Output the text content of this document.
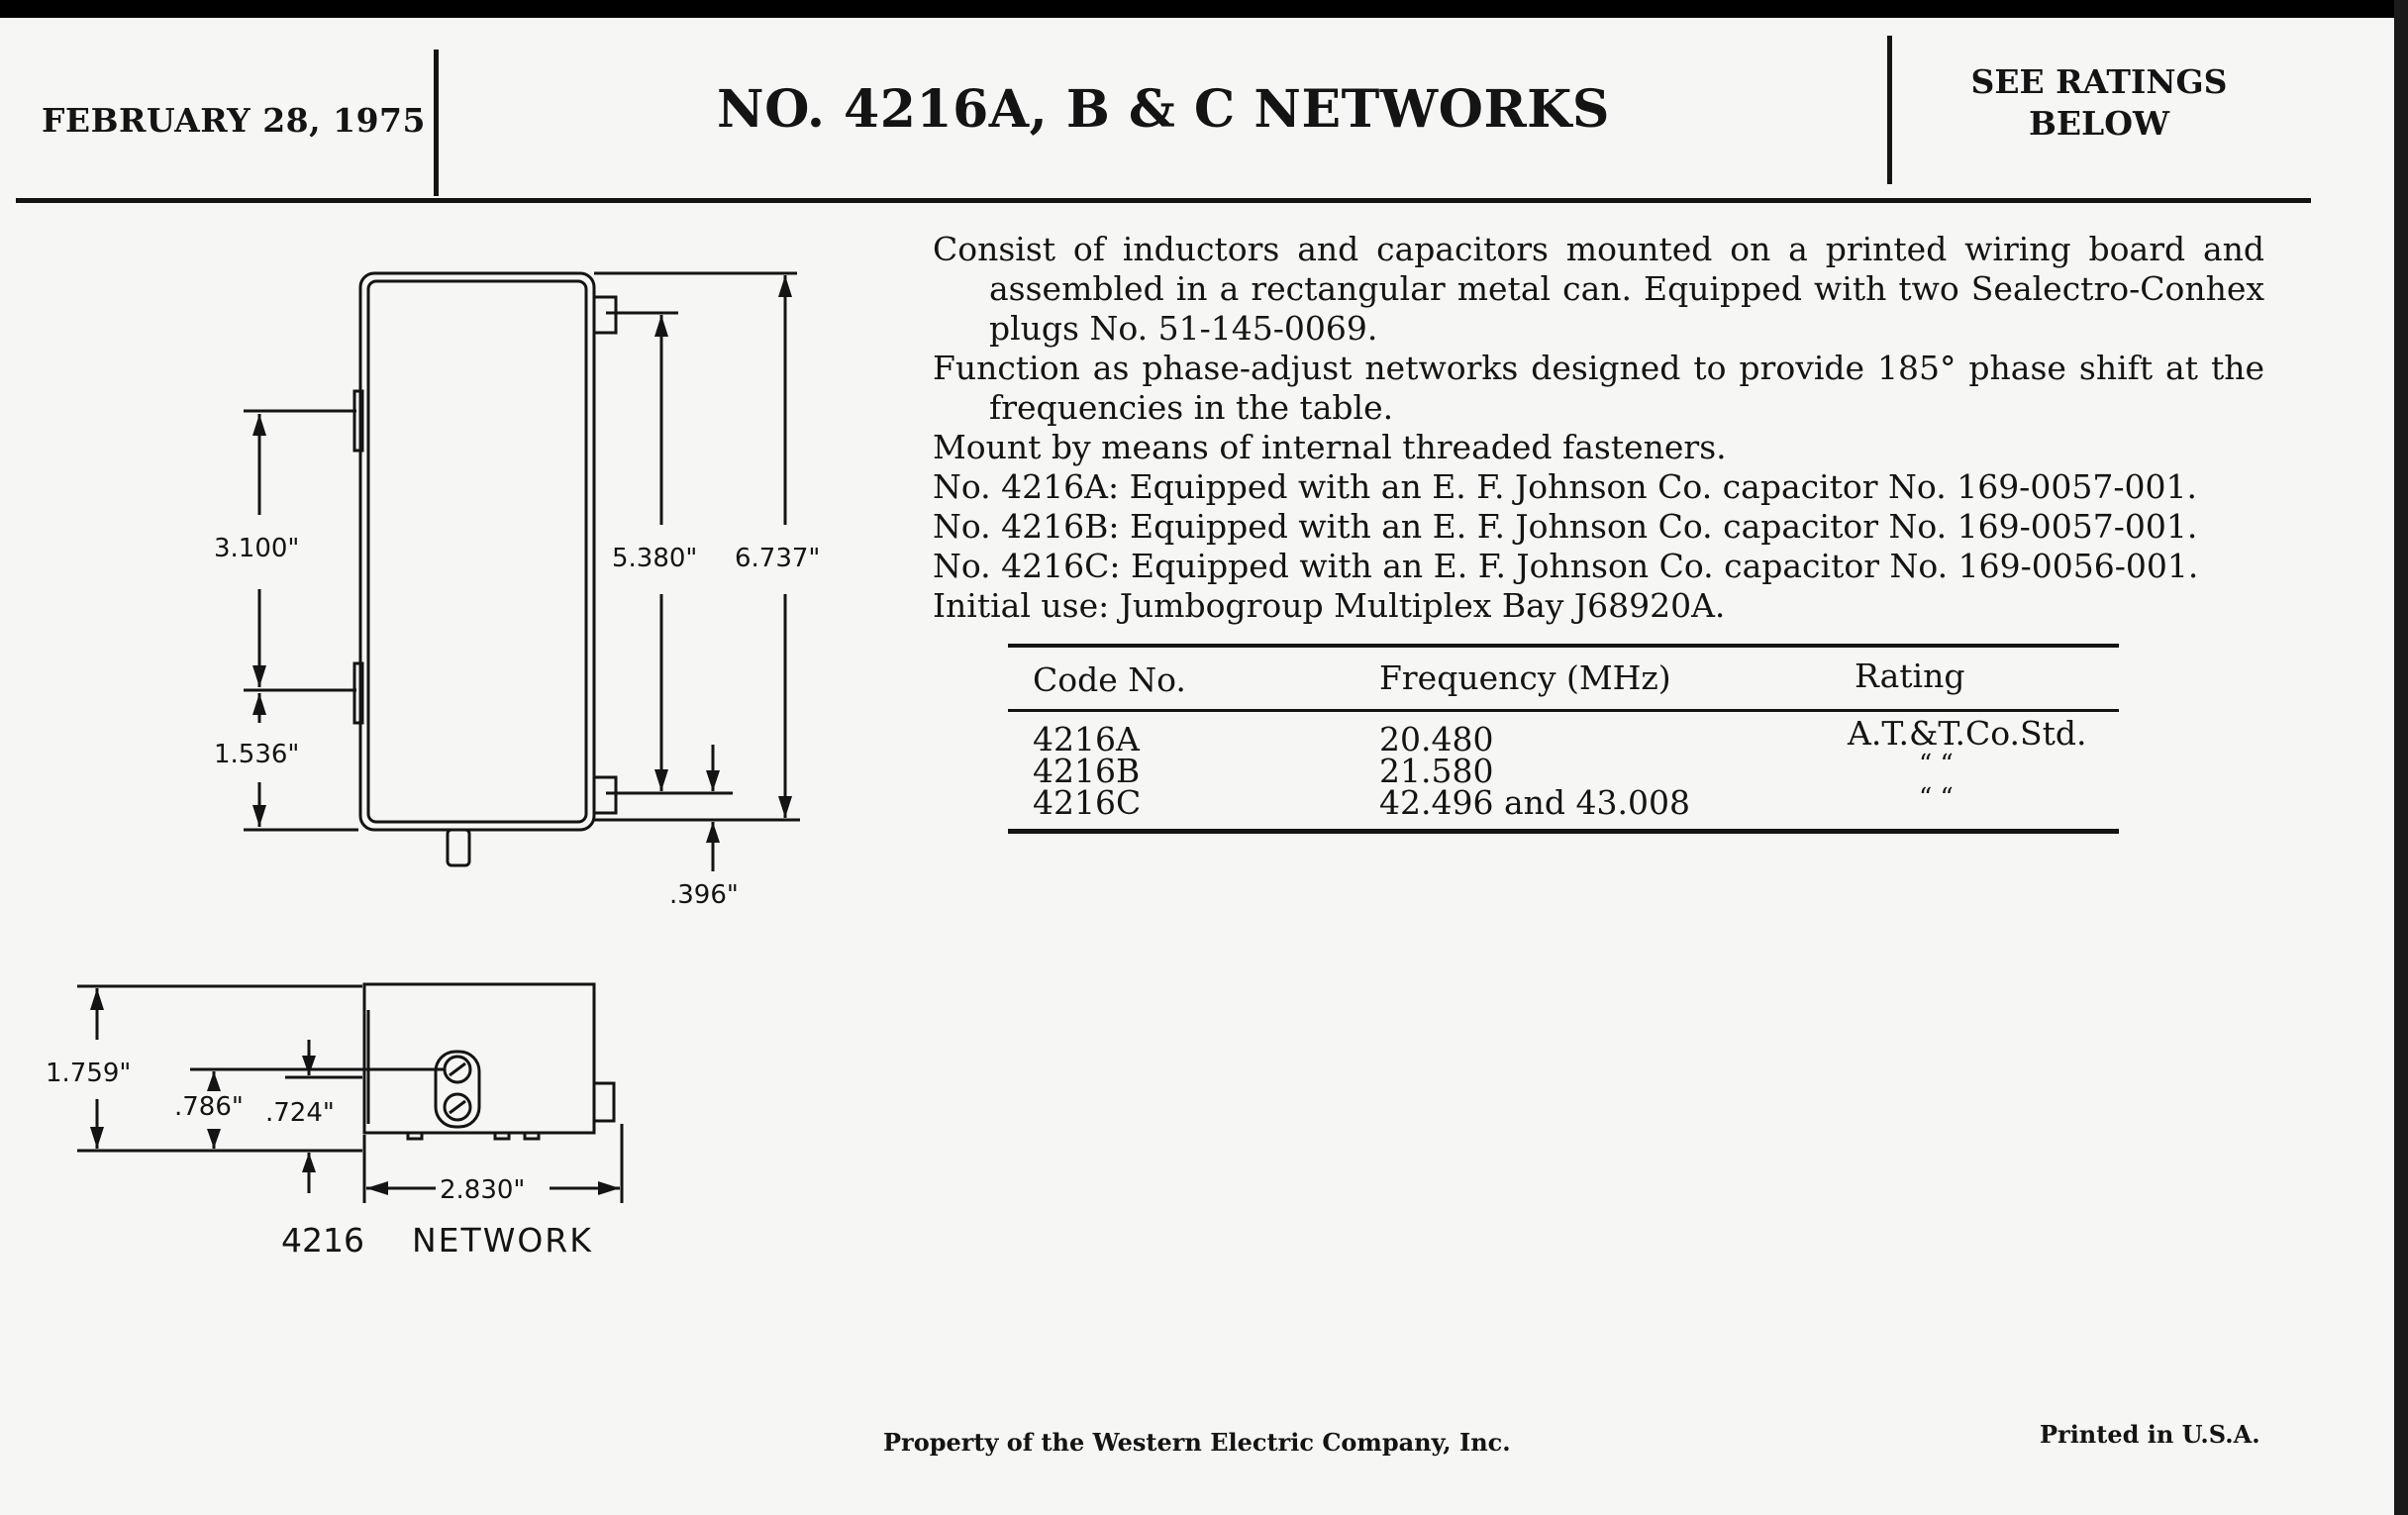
FEBRUARY 28, 1975	NO. 4216A, B & C NETWORKS	SEE RATINGS
BELOW

Consist of inductors and capacitors mounted on a printed wiring board and assembled in a rectangular metal can. Equipped with two Sealectro-Conhex plugs No. 51-145-0069.

Function as phase-adjust networks designed to provide 185° phase shift at the frequencies in the table.

Mount by means of internal threaded fasteners.

No. 4216A: Equipped with an E. F. Johnson Co. capacitor No. 169-0057-001.

No. 4216B: Equipped with an E. F. Johnson Co. capacitor No. 169-0057-001.

No. 4216C: Equipped with an E. F. Johnson Co. capacitor No. 169-0056-001.

Initial use: Jumbogroup Multiplex Bay J68920A.

Code No.	Frequency (MHz)	Rating
4216A	20.480	A.T.&T.Co.Std.
4216B	21.580	“ “
4216C	42.496 and 43.008	“ “
3.100"
1.536"
5.380" 6.737"
.396"
1.759"
.786" .724"
2.830"
4216 NETWORK
Property of the Western Electric Company, Inc.	Printed in U.S.A.
